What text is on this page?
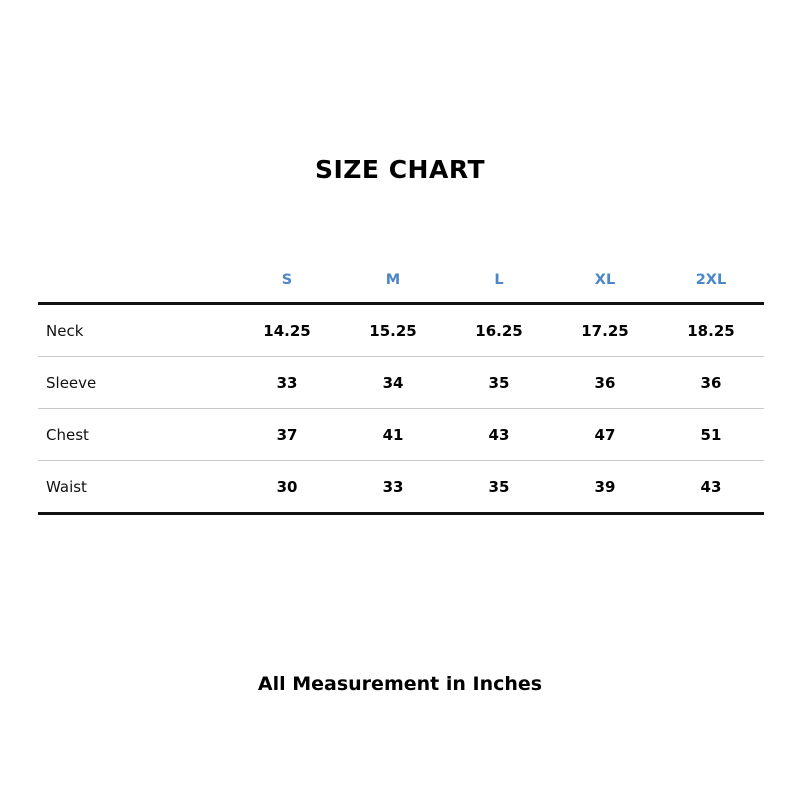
SIZE CHART
	S	M	L	XL	2XL
Neck	14.25	15.25	16.25	17.25	18.25
Sleeve	33	34	35	36	36
Chest	37	41	43	47	51
Waist	30	33	35	39	43
All Measurement in Inches
